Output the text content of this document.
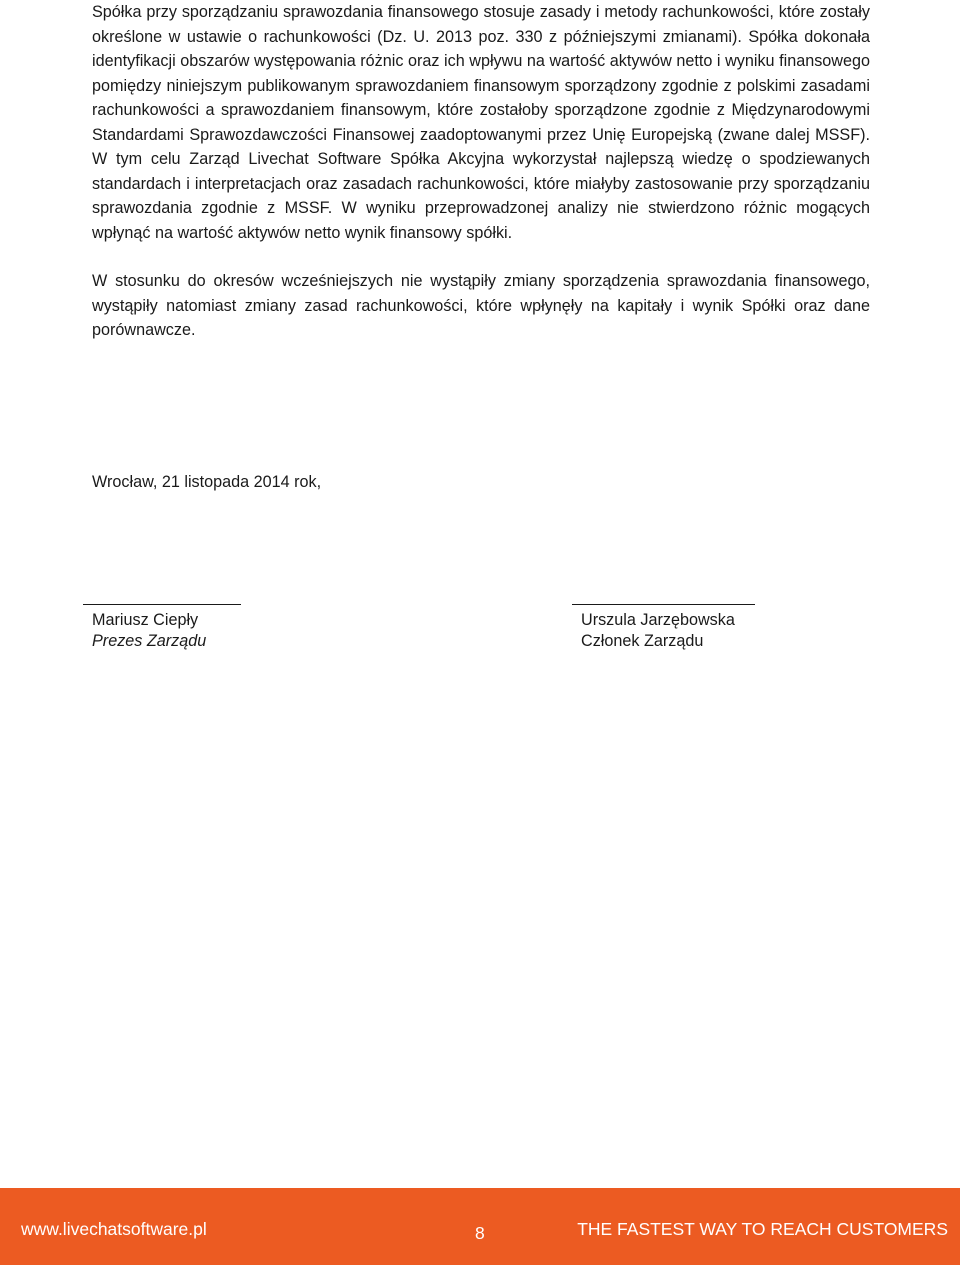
Spółka przy sporządzaniu sprawozdania finansowego stosuje zasady i metody rachunkowości, które zostały określone w ustawie o rachunkowości (Dz. U. 2013 poz. 330 z późniejszymi zmianami). Spółka dokonała identyfikacji obszarów występowania różnic oraz ich wpływu na wartość aktywów netto i wyniku finansowego pomiędzy niniejszym publikowanym sprawozdaniem finansowym sporządzony zgodnie z polskimi zasadami rachunkowości a sprawozdaniem finansowym, które zostałoby sporządzone zgodnie z Międzynarodowymi Standardami Sprawozdawczości Finansowej zaadoptowanymi przez Unię Europejską (zwane dalej MSSF). W tym celu Zarząd Livechat Software Spółka Akcyjna wykorzystał najlepszą wiedzę o spodziewanych standardach i interpretacjach oraz zasadach rachunkowości, które miałyby zastosowanie przy sporządzaniu sprawozdania zgodnie z MSSF. W wyniku przeprowadzonej analizy nie stwierdzono różnic mogących wpłynąć na wartość aktywów netto wynik finansowy spółki.

W stosunku do okresów wcześniejszych nie wystąpiły zmiany sporządzenia sprawozdania finansowego, wystąpiły natomiast zmiany zasad rachunkowości, które wpłynęły na kapitały i wynik Spółki oraz dane porównawcze.

Wrocław, 21 listopada 2014 rok,

Mariusz Ciepły
Prezes Zarządu
Urszula Jarzębowska
Członek Zarządu
www.livechatsoftware.pl	8	THE FASTEST WAY TO REACH CUSTOMERS
